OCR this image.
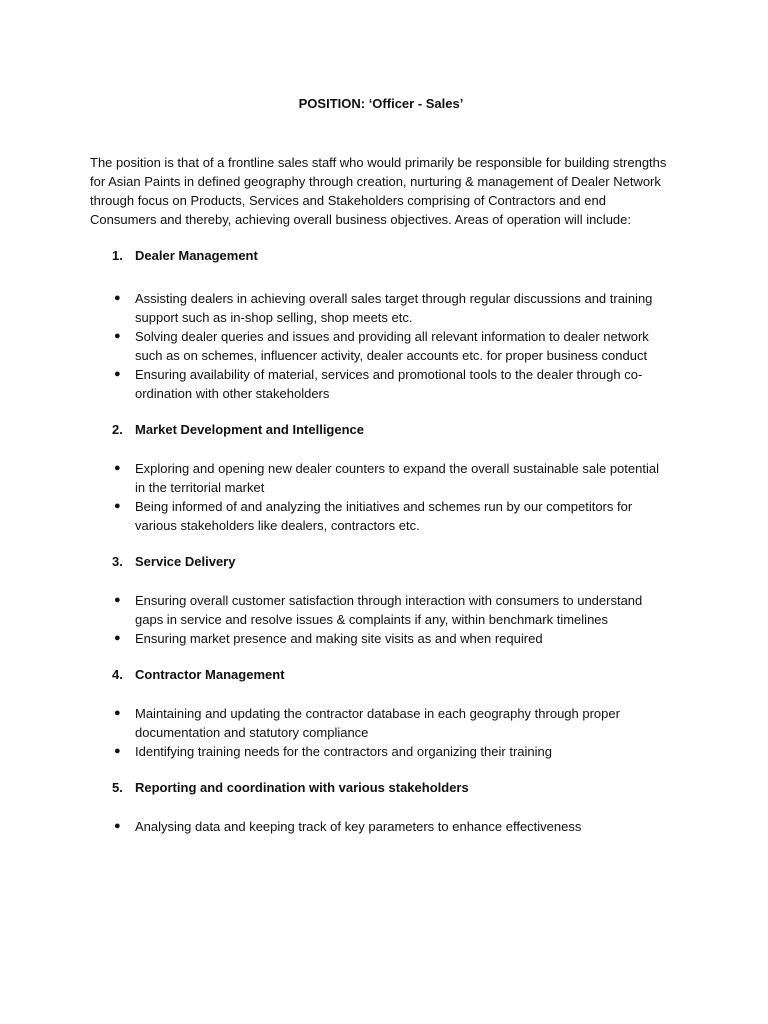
POSITION: ‘Officer - Sales’

The position is that of a frontline sales staff who would primarily be responsible for building strengths for Asian Paints in defined geography through creation, nurturing & management of Dealer Network through focus on Products, Services and Stakeholders comprising of Contractors and end Consumers and thereby, achieving overall business objectives. Areas of operation will include:

1. Dealer Management
● Assisting dealers in achieving overall sales target through regular discussions and training support such as in-shop selling, shop meets etc.
● Solving dealer queries and issues and providing all relevant information to dealer network such as on schemes, influencer activity, dealer accounts etc. for proper business conduct
● Ensuring availability of material, services and promotional tools to the dealer through co-ordination with other stakeholders
2. Market Development and Intelligence
● Exploring and opening new dealer counters to expand the overall sustainable sale potential in the territorial market
● Being informed of and analyzing the initiatives and schemes run by our competitors for various stakeholders like dealers, contractors etc.
3. Service Delivery
● Ensuring overall customer satisfaction through interaction with consumers to understand gaps in service and resolve issues & complaints if any, within benchmark timelines
● Ensuring market presence and making site visits as and when required
4. Contractor Management
● Maintaining and updating the contractor database in each geography through proper documentation and statutory compliance
● Identifying training needs for the contractors and organizing their training
5. Reporting and coordination with various stakeholders
● Analysing data and keeping track of key parameters to enhance effectiveness
